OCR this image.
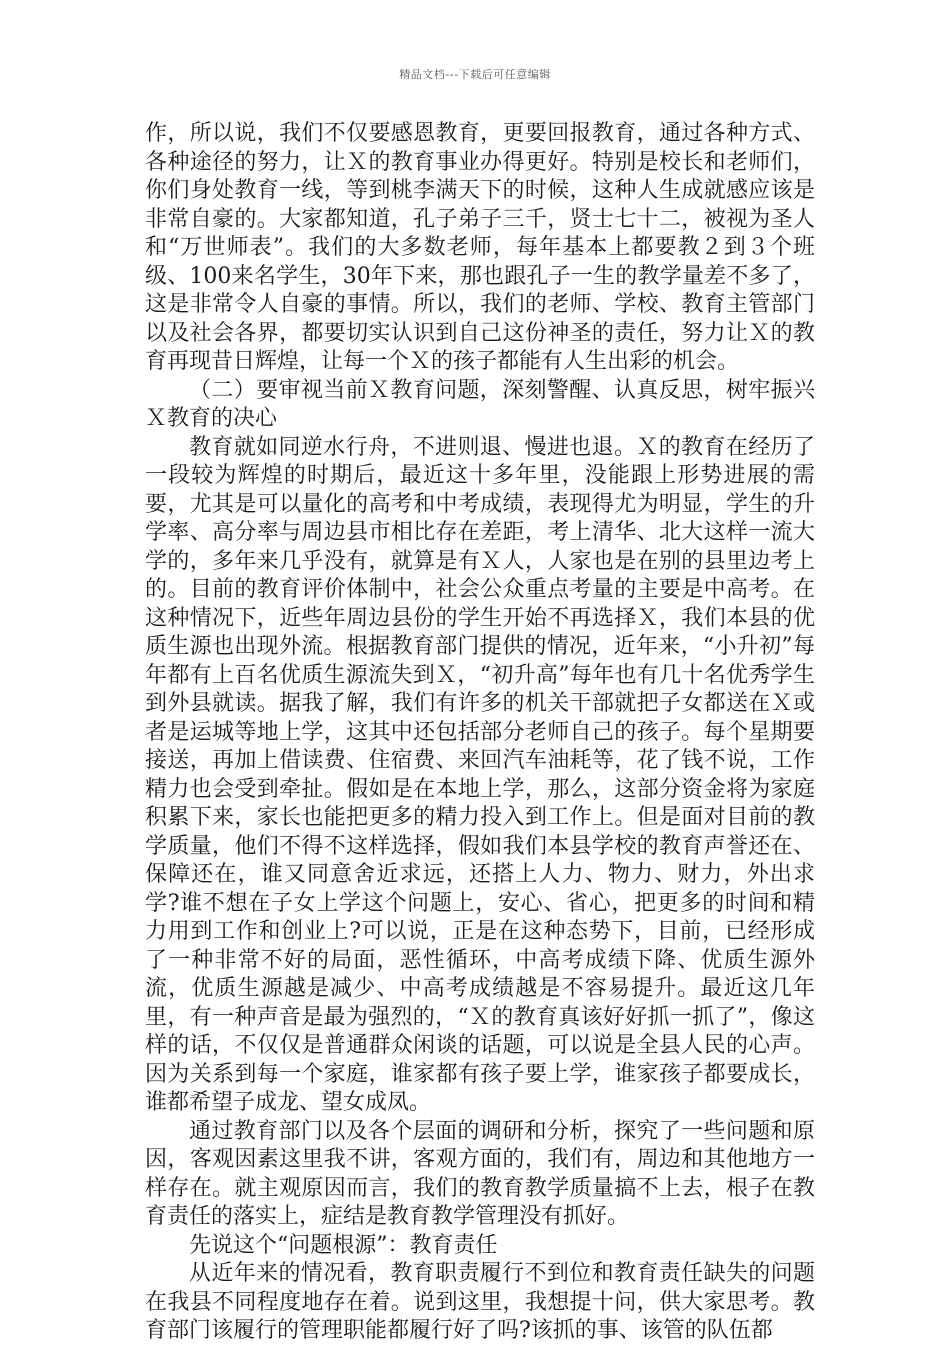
精品文档---下载后可任意编辑

作，所以说，我们不仅要感恩教育，更要回报教育，通过各种方式、各种途径的努力，让Ｘ的教育事业办得更好。特别是校长和老师们，你们身处教育一线，等到桃李满天下的时候，这种人生成就感应该是非常自豪的。大家都知道，孔子弟子三千，贤士七十二，被视为圣人和“万世师表”。我们的大多数老师，每年基本上都要教２到３个班级、100来名学生，30年下来，那也跟孔子一生的教学量差不多了，这是非常令人自豪的事情。所以，我们的老师、学校、教育主管部门以及社会各界，都要切实认识到自己这份神圣的责任，努力让Ｘ的教育再现昔日辉煌，让每一个Ｘ的孩子都能有人生出彩的机会。

（二）要审视当前Ｘ教育问题，深刻警醒、认真反思，树牢振兴Ｘ教育的决心

教育就如同逆水行舟，不进则退、慢进也退。Ｘ的教育在经历了一段较为辉煌的时期后，最近这十多年里，没能跟上形势进展的需要，尤其是可以量化的高考和中考成绩，表现得尤为明显，学生的升学率、高分率与周边县市相比存在差距，考上清华、北大这样一流大学的，多年来几乎没有，就算是有Ｘ人，人家也是在别的县里边考上的。目前的教育评价体制中，社会公众重点考量的主要是中高考。在这种情况下，近些年周边县份的学生开始不再选择Ｘ，我们本县的优质生源也出现外流。根据教育部门提供的情况，近年来，“小升初”每年都有上百名优质生源流失到Ｘ，“初升高”每年也有几十名优秀学生到外县就读。据我了解，我们有许多的机关干部就把子女都送在Ｘ或者是运城等地上学，这其中还包括部分老师自己的孩子。每个星期要接送，再加上借读费、住宿费、来回汽车油耗等，花了钱不说，工作精力也会受到牵扯。假如是在本地上学，那么，这部分资金将为家庭积累下来，家长也能把更多的精力投入到工作上。但是面对目前的教学质量，他们不得不这样选择，假如我们本县学校的教育声誉还在、保障还在，谁又同意舍近求远，还搭上人力、物力、财力，外出求学?谁不想在子女上学这个问题上，安心、省心，把更多的时间和精力用到工作和创业上?可以说，正是在这种态势下，目前，已经形成了一种非常不好的局面，恶性循环，中高考成绩下降、优质生源外流，优质生源越是减少、中高考成绩越是不容易提升。最近这几年里，有一种声音是最为强烈的，“Ｘ的教育真该好好抓一抓了”，像这样的话，不仅仅是普通群众闲谈的话题，可以说是全县人民的心声。因为关系到每一个家庭，谁家都有孩子要上学，谁家孩子都要成长，谁都希望子成龙、望女成凤。

通过教育部门以及各个层面的调研和分析，探究了一些问题和原因，客观因素这里我不讲，客观方面的，我们有，周边和其他地方一样存在。就主观原因而言，我们的教育教学质量搞不上去，根子在教育责任的落实上，症结是教育教学管理没有抓好。

先说这个“问题根源”：教育责任

从近年来的情况看，教育职责履行不到位和教育责任缺失的问题在我县不同程度地存在着。说到这里，我想提十问，供大家思考。教育部门该履行的管理职能都履行好了吗?该抓的事、该管的队伍都
